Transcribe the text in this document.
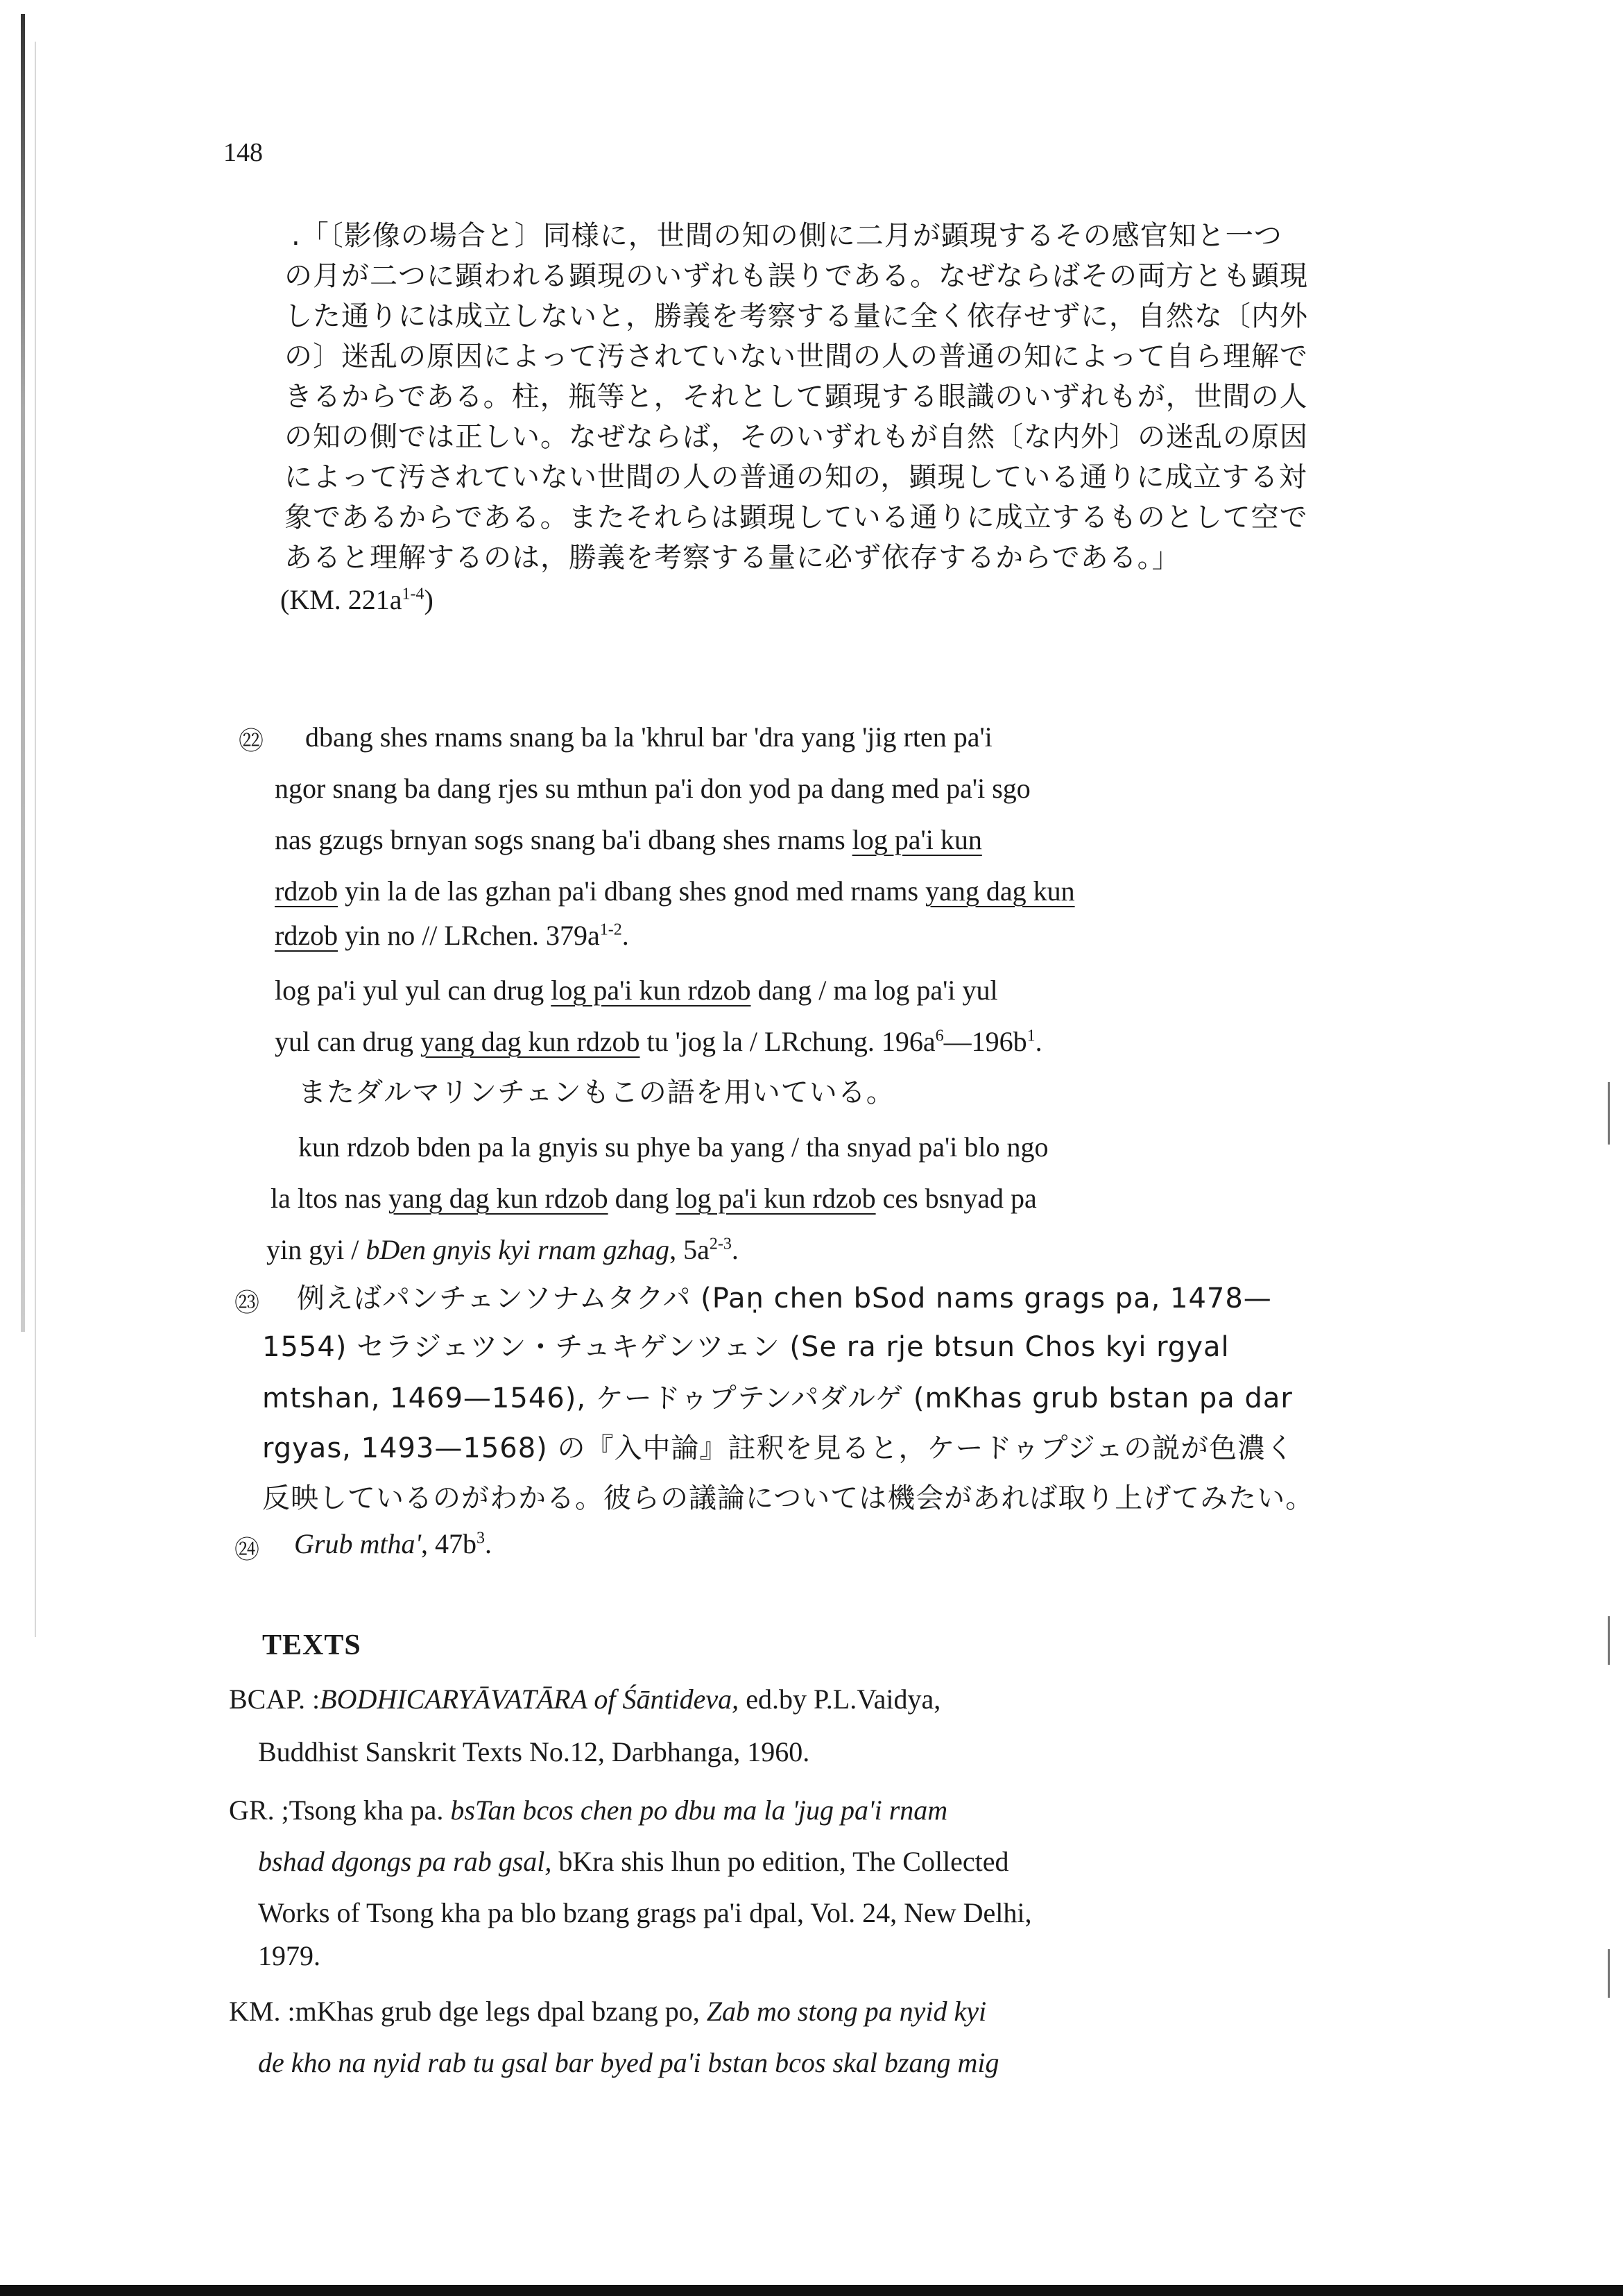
148
.「〔影像の場合と〕同様に，世間の知の側に二月が顕現するその感官知と一つ
の月が二つに顕われる顕現のいずれも誤りである。なぜならばその両方とも顕現
した通りには成立しないと，勝義を考察する量に全く依存せずに，自然な〔内外
の〕迷乱の原因によって汚されていない世間の人の普通の知によって自ら理解で
きるからである。柱，瓶等と，それとして顕現する眼識のいずれもが，世間の人
の知の側では正しい。なぜならば，そのいずれもが自然〔な内外〕の迷乱の原因
によって汚されていない世間の人の普通の知の，顕現している通りに成立する対
象であるからである。またそれらは顕現している通りに成立するものとして空で
あると理解するのは，勝義を考察する量に必ず依存するからである。」
(KM. $221a^{1-4}$)
㉒ dbang shes rnams snang ba la 'khrul bar 'dra yang 'jig rten pa'i
ngor snang ba dang rjes su mthun pa'i don yod pa dang med pa'i sgo
nas gzugs brnyan sogs snang ba'i dbang shes rnams log pa'i kun
rdzob yin la de las gzhan pa'i dbang shes gnod med rnams yang dag kun
rdzob yin no // LRchen. $379a^{1-2}$.
log pa'i yul yul can drug log pa'i kun rdzob dang / ma log pa'i yul
yul can drug yang dag kun rdzob tu 'jog la / LRchung. $196a^6—196b^1$.
またダルマリンチェンもこの語を用いている。
kun rdzob bden pa la gnyis su phye ba yang / tha snyad pa'i blo ngo
la ltos nas yang dag kun rdzob dang log pa'i kun rdzob ces bsnyad pa
yin gyi / bDen gnyis kyi rnam gzhag, $5a^{2-3}$.
㉓ 例えばパンチェンソナムタクパ (Paṇ chen bSod nams grags pa, 1478—
1554) セラジェツン・チュキゲンツェン (Se ra rje btsun Chos kyi rgyal
mtshan, 1469—1546), ケードゥプテンパダルゲ (mKhas grub bstan pa dar
rgyas, 1493—1568) の『入中論』註釈を見ると，ケードゥプジェの説が色濃く
反映しているのがわかる。彼らの議論については機会があれば取り上げてみたい。
㉔ Grub mtha', $47b^3$.
TEXTS
BCAP. :BODHICARYĀVATĀRA of Śāntideva, ed.by P.L.Vaidya,
Buddhist Sanskrit Texts No.12, Darbhanga, 1960.
GR. ;Tsong kha pa. bsTan bcos chen po dbu ma la 'jug pa'i rnam
bshad dgongs pa rab gsal, bKra shis lhun po edition, The Collected
Works of Tsong kha pa blo bzang grags pa'i dpal, Vol. 24, New Delhi,
1979.
KM. :mKhas grub dge legs dpal bzang po, Zab mo stong pa nyid kyi
de kho na nyid rab tu gsal bar byed pa'i bstan bcos skal bzang mig
